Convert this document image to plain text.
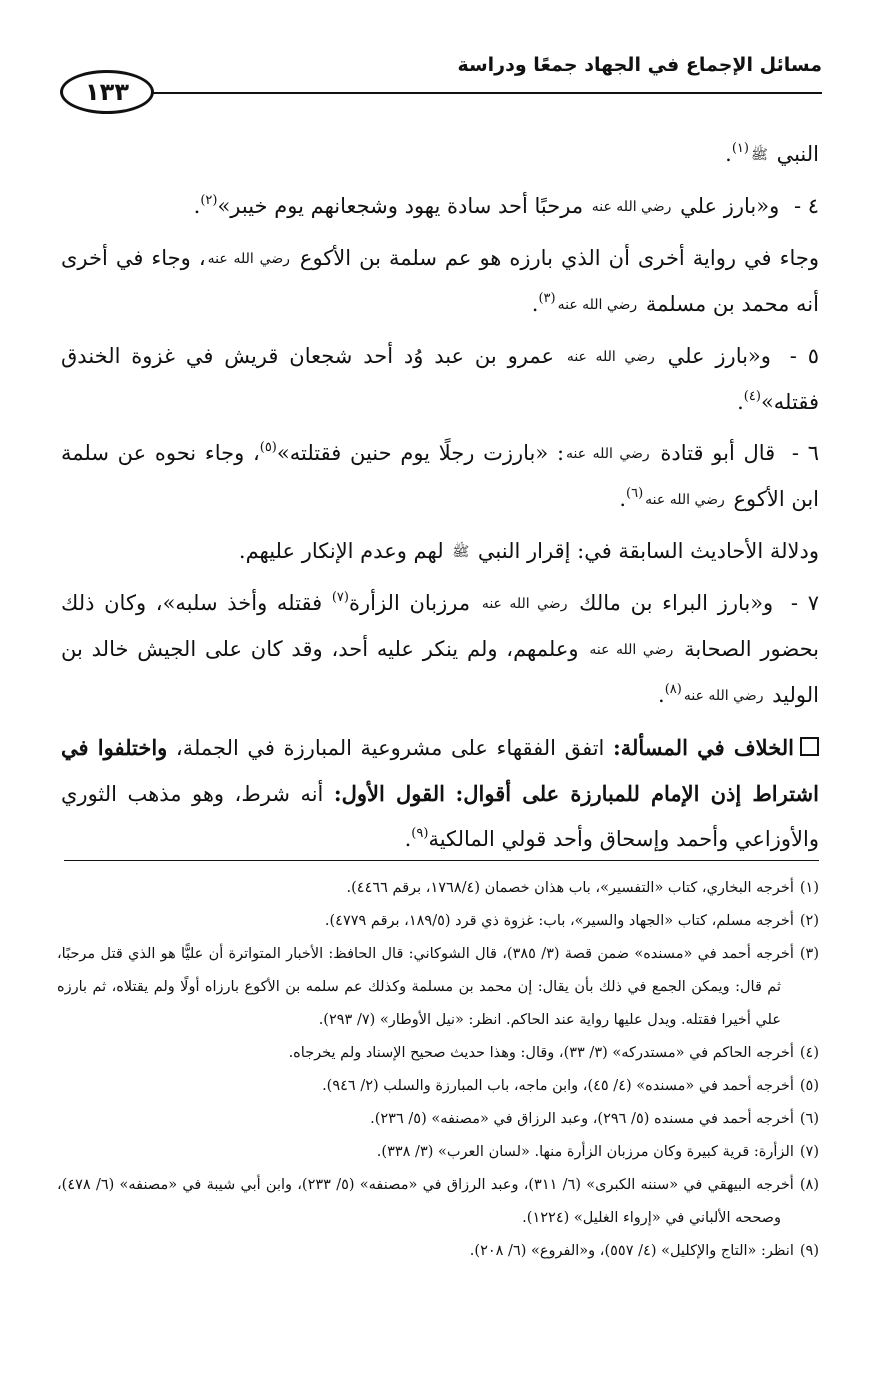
مسائل الإجماع في الجهاد جمعًا ودراسة
١٣٣

النبي ﷺ$^{(١)}$.

٤ - و«بارز علي رضي الله عنه مرحبًا أحد سادة يهود وشجعانهم يوم خيبر»$^{(٢)}$.

وجاء في رواية أخرى أن الذي بارزه هو عم سلمة بن الأكوع رضي الله عنه، وجاء في أخرى أنه محمد بن مسلمة رضي الله عنه$^{(٣)}$.

٥ - و«بارز علي رضي الله عنه عمرو بن عبد وُد أحد شجعان قريش في غزوة الخندق فقتله»$^{(٤)}$.

٦ - قال أبو قتادة رضي الله عنه: «بارزت رجلًا يوم حنين فقتلته»$^{(٥)}$، وجاء نحوه عن سلمة ابن الأكوع رضي الله عنه$^{(٦)}$.

ودلالة الأحاديث السابقة في: إقرار النبي ﷺ لهم وعدم الإنكار عليهم.

٧ - و«بارز البراء بن مالك رضي الله عنه مرزبان الزأرة$^{(٧)}$ فقتله وأخذ سلبه»، وكان ذلك بحضور الصحابة رضي الله عنه وعلمهم، ولم ينكر عليه أحد، وقد كان على الجيش خالد بن الوليد رضي الله عنه$^{(٨)}$.

الخلاف في المسألة: اتفق الفقهاء على مشروعية المبارزة في الجملة، واختلفوا في اشتراط إذن الإمام للمبارزة على أقوال: القول الأول: أنه شرط، وهو مذهب الثوري والأوزاعي وأحمد وإسحاق وأحد قولي المالكية$^{(٩)}$.

(١)أخرجه البخاري، كتاب «التفسير»، باب هذان خصمان (١٧٦٨/٤، برقم ٤٤٦٦).

(٢)أخرجه مسلم، كتاب «الجهاد والسير»، باب: غزوة ذي قرد (١٨٩/٥، برقم ٤٧٧٩).

(٣)أخرجه أحمد في «مسنده» ضمن قصة (٣/ ٣٨٥)، قال الشوكاني: قال الحافظ: الأخبار المتواترة أن عليًّا هو الذي قتل مرحبًا، ثم قال: ويمكن الجمع في ذلك بأن يقال: إن محمد بن مسلمة وكذلك عم سلمه بن الأكوع بارزاه أولًا ولم يقتلاه، ثم بارزه علي أخيرا فقتله. ويدل عليها رواية عند الحاكم. انظر: «نيل الأوطار» (٧/ ٢٩٣).

(٤)أخرجه الحاكم في «مستدركه» (٣/ ٣٣)، وقال: وهذا حديث صحيح الإسناد ولم يخرجاه.

(٥)أخرجه أحمد في «مسنده» (٤/ ٤٥)، وابن ماجه، باب المبارزة والسلب (٢/ ٩٤٦).

(٦)أخرجه أحمد في مسنده (٥/ ٢٩٦)، وعبد الرزاق في «مصنفه» (٥/ ٢٣٦).

(٧)الزأرة: قرية كبيرة وكان مرزبان الزأرة منها. «لسان العرب» (٣/ ٣٣٨).

(٨)أخرجه البيهقي في «سننه الكبرى» (٦/ ٣١١)، وعبد الرزاق في «مصنفه» (٥/ ٢٣٣)، وابن أبي شيبة في «مصنفه» (٦/ ٤٧٨)، وصححه الألباني في «إرواء الغليل» (١٢٢٤).

(٩)انظر: «التاج والإكليل» (٤/ ٥٥٧)، و«الفروع» (٦/ ٢٠٨).
